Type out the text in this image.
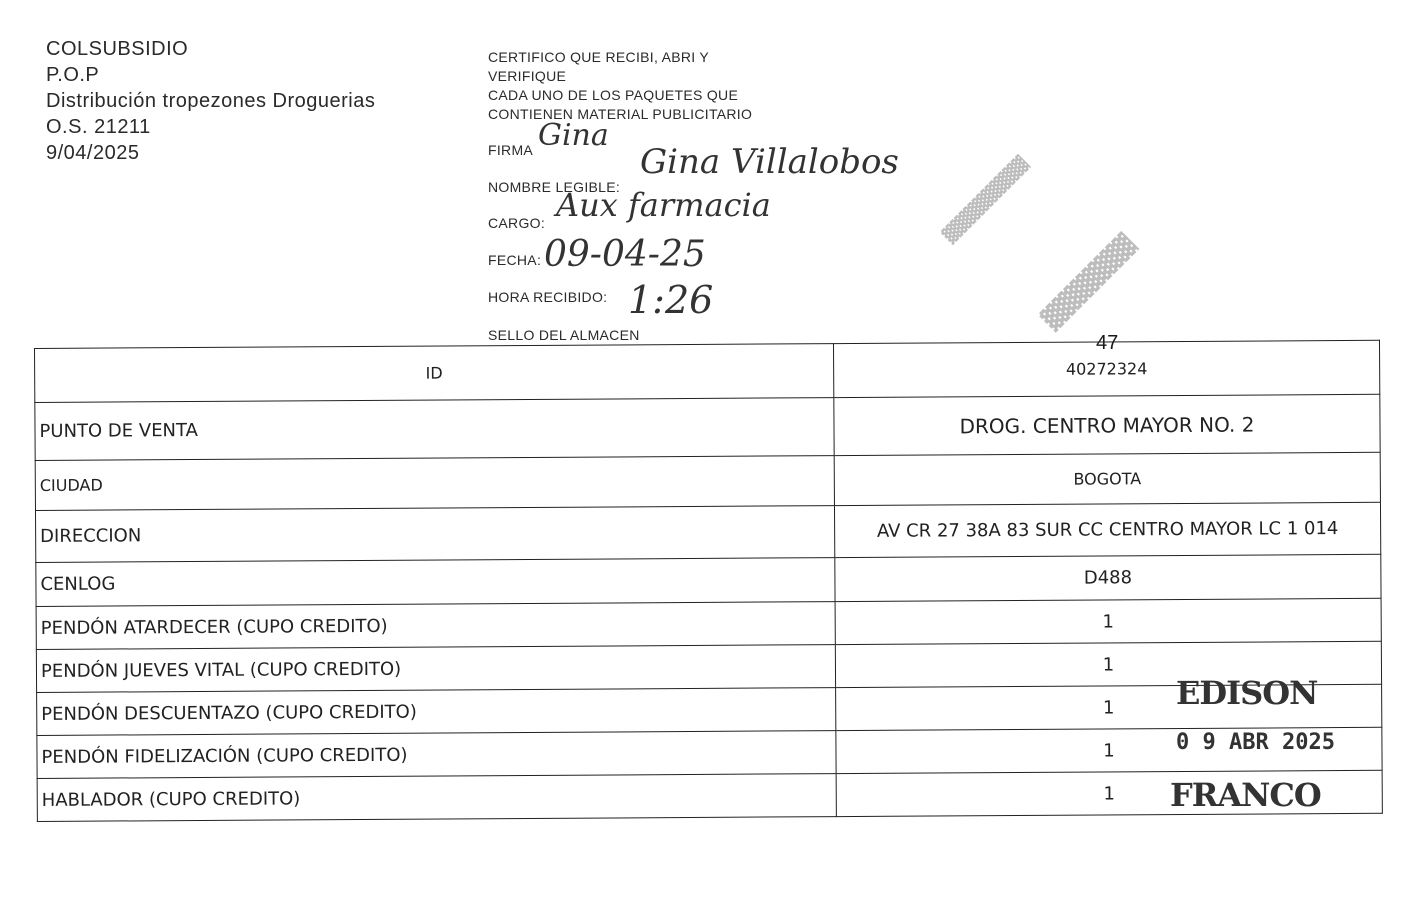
COLSUBSIDIO
P.O.P
Distribución tropezones Droguerias
O.S. 21211
9/04/2025
CERTIFICO QUE RECIBI, ABRI Y
VERIFIQUE
CADA UNO DE LOS PAQUETES QUE
CONTIENEN MATERIAL PUBLICITARIO
FIRMA Gina
NOMBRE LEGIBLE:
Gina Villalobos
CARGO: Aux farmacia
FECHA: 09-04-25
HORA RECIBIDO: 1:26
SELLO DEL ALMACEN
▓▓▓▓▓▓▓▓▓
▓▓▓▓▓▓▓
47
ID	40272324
PUNTO DE VENTA	DROG. CENTRO MAYOR NO. 2
CIUDAD	BOGOTA
DIRECCION	AV CR 27 38A 83 SUR CC CENTRO MAYOR LC 1 014
CENLOG	D488
PENDÓN ATARDECER (CUPO CREDITO)	1
PENDÓN JUEVES VITAL (CUPO CREDITO)	1
PENDÓN DESCUENTAZO (CUPO CREDITO)	1
PENDÓN FIDELIZACIÓN (CUPO CREDITO)	1
HABLADOR (CUPO CREDITO)	1
EDISON
0 9 ABR 2025
FRANCO
